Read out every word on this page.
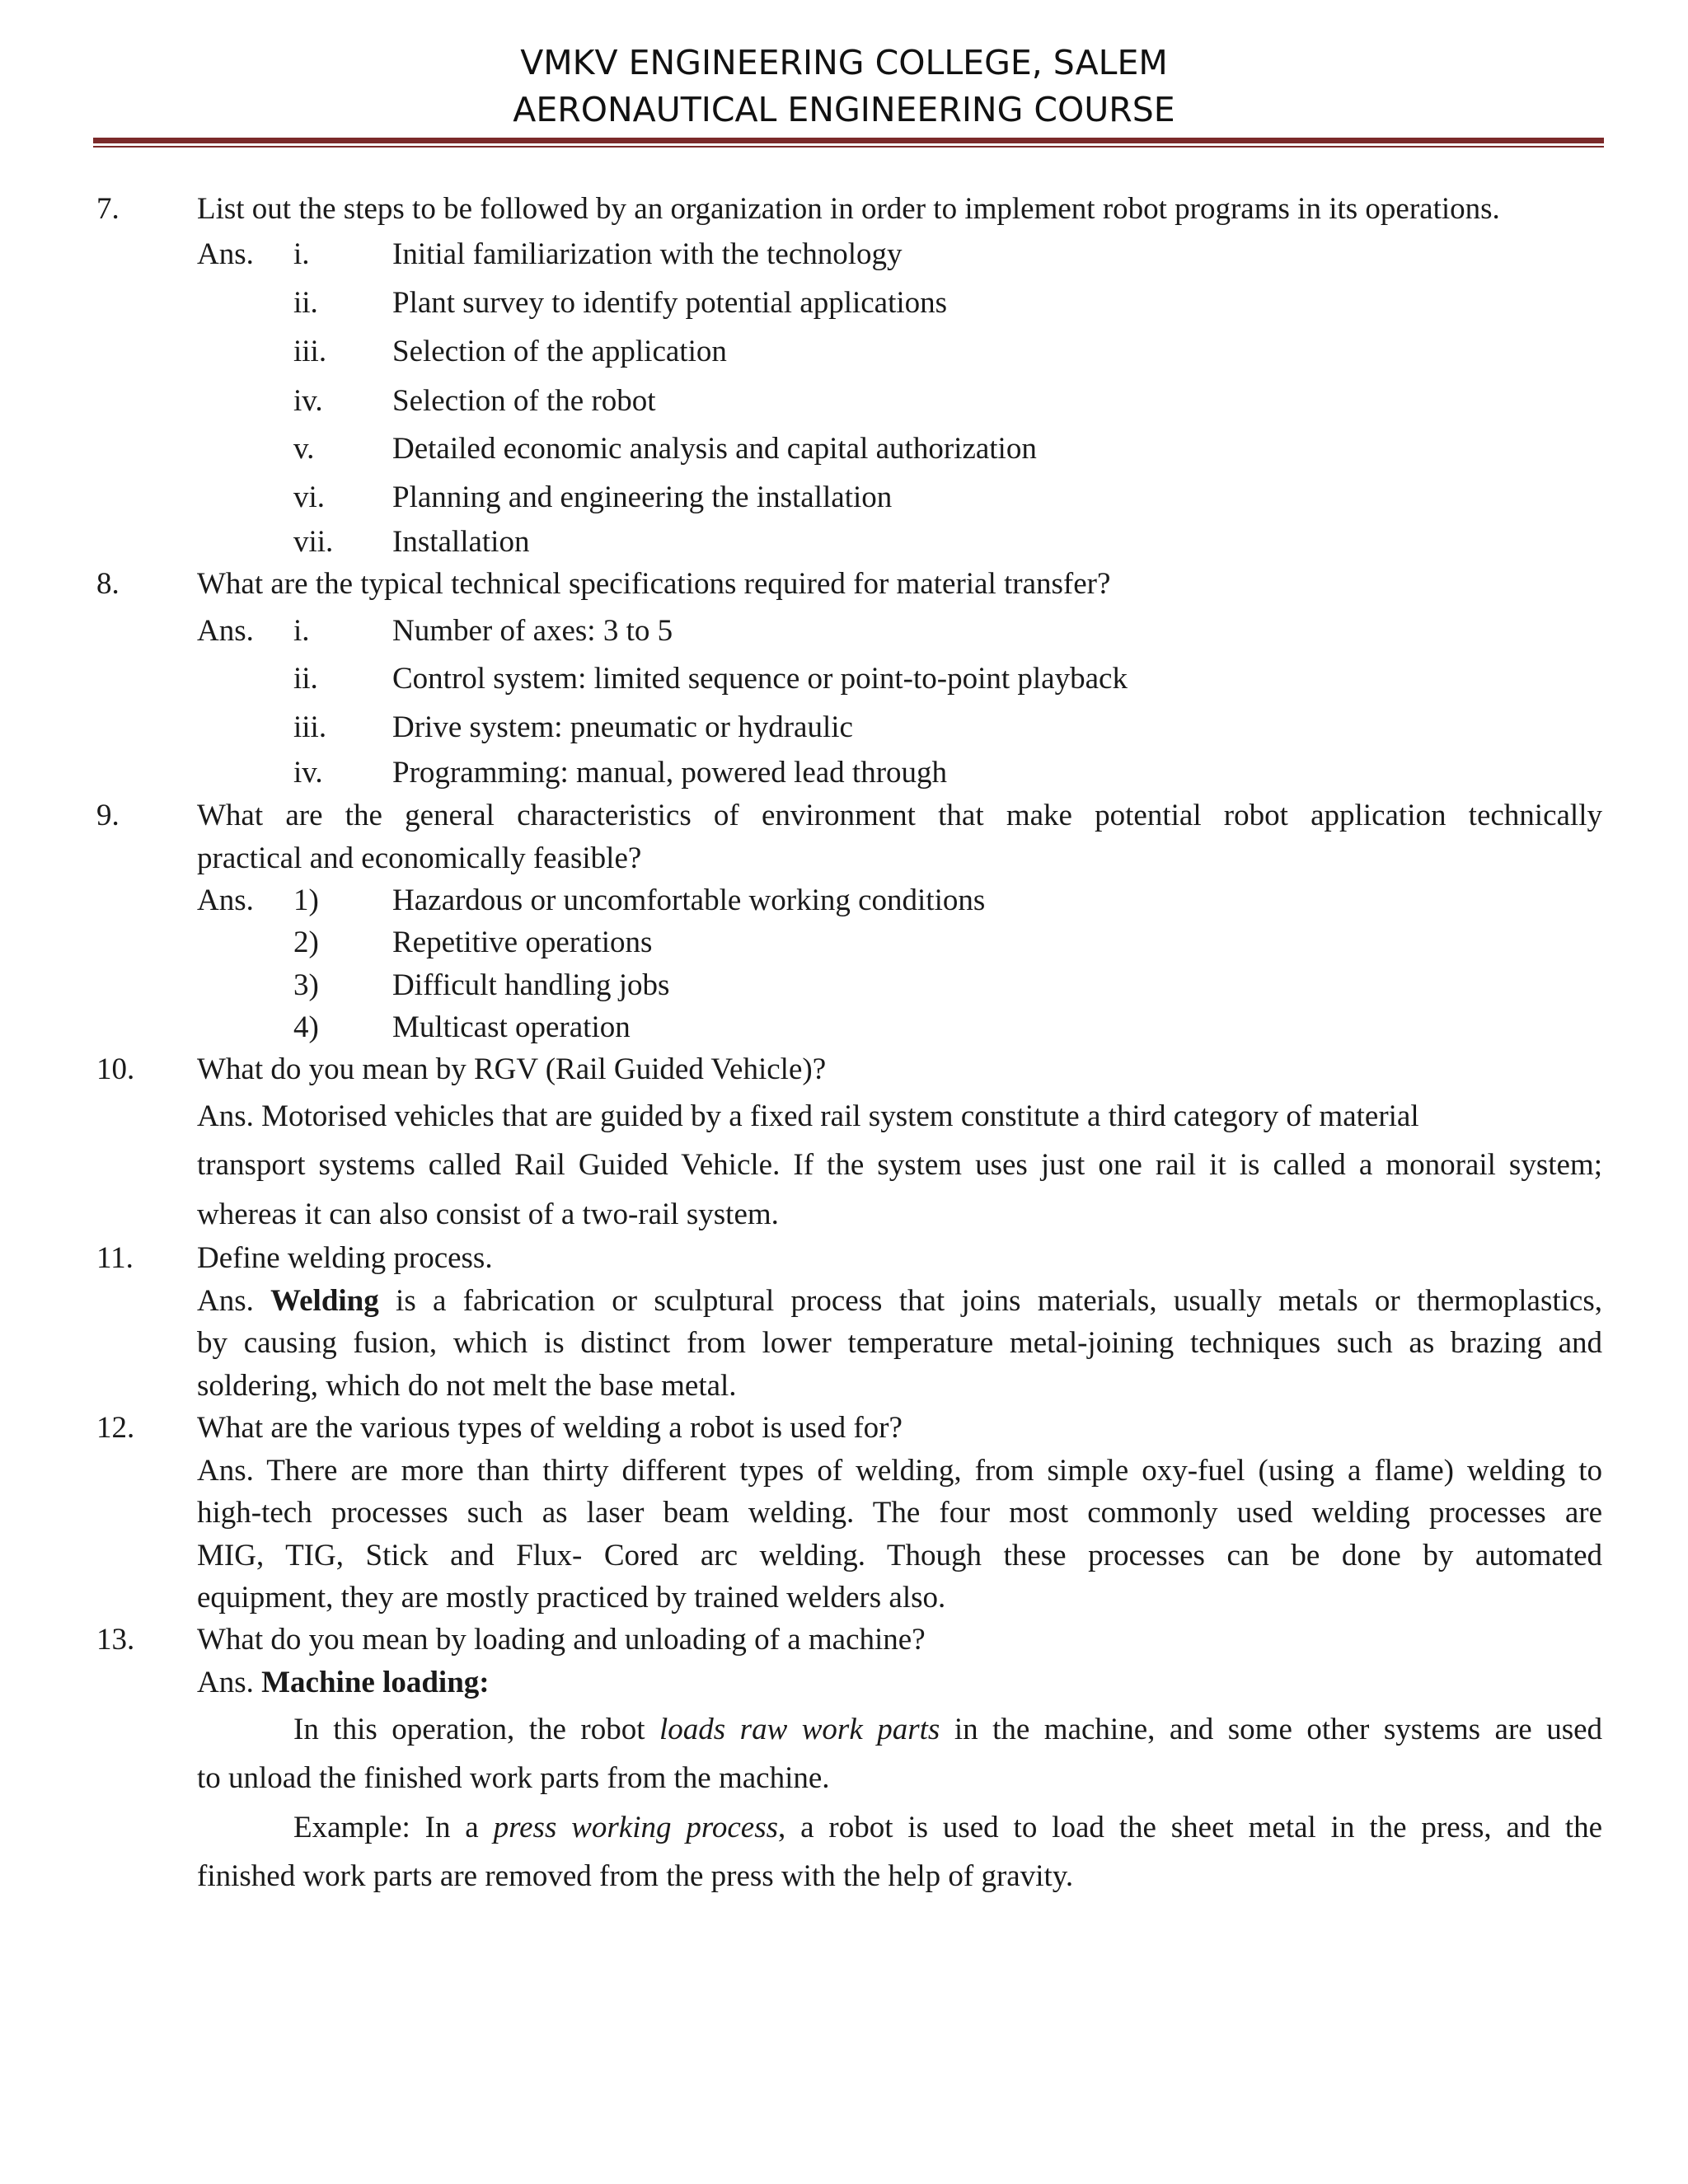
VMKV ENGINEERING COLLEGE, SALEM
AERONAUTICAL ENGINEERING COURSE
7.	List out the steps to be followed by an organization in order to implement robot programs in its operations.
Ans. i.	Initial familiarization with the technology
ii. Plant survey to identify potential applications
iii. Selection of the application
iv. Selection of the robot
v.	Detailed economic analysis and capital authorization
vi. Planning and engineering the installation
vii. Installation
8.	What are the typical technical specifications required for material transfer?
Ans. i.	Number of axes: 3 to 5
ii. Control system: limited sequence or point-to-point playback
iii. Drive system: pneumatic or hydraulic
iv. Programming: manual, powered lead through
9.	What are the general characteristics of environment that make potential robot application technically
practical and economically feasible?
Ans. 1) Hazardous or uncomfortable working conditions
2) Repetitive operations
3) Difficult handling jobs
4) Multicast operation
10. What do you mean by RGV (Rail Guided Vehicle)?
Ans. Motorised vehicles that are guided by a fixed rail system constitute a third category of material
transport systems called Rail Guided Vehicle. If the system uses just one rail it is called a monorail system;
whereas it can also consist of a two-rail system.
11. Define welding process.
Ans. Welding is a fabrication or sculptural process that joins materials, usually metals or thermoplastics,
by causing fusion, which is distinct from lower temperature metal-joining techniques such as brazing and
soldering, which do not melt the base metal.
12. What are the various types of welding a robot is used for?
Ans. There are more than thirty different types of welding, from simple oxy-fuel (using a flame) welding to
high-tech processes such as laser beam welding. The four most commonly used welding processes are
MIG, TIG, Stick and Flux- Cored arc welding. Though these processes can be done by automated
equipment, they are mostly practiced by trained welders also.
13. What do you mean by loading and unloading of a machine?
Ans. Machine loading:
In this operation, the robot loads raw work parts in the machine, and some other systems are used
to unload the finished work parts from the machine.
Example: In a press working process, a robot is used to load the sheet metal in the press, and the
finished work parts are removed from the press with the help of gravity.
